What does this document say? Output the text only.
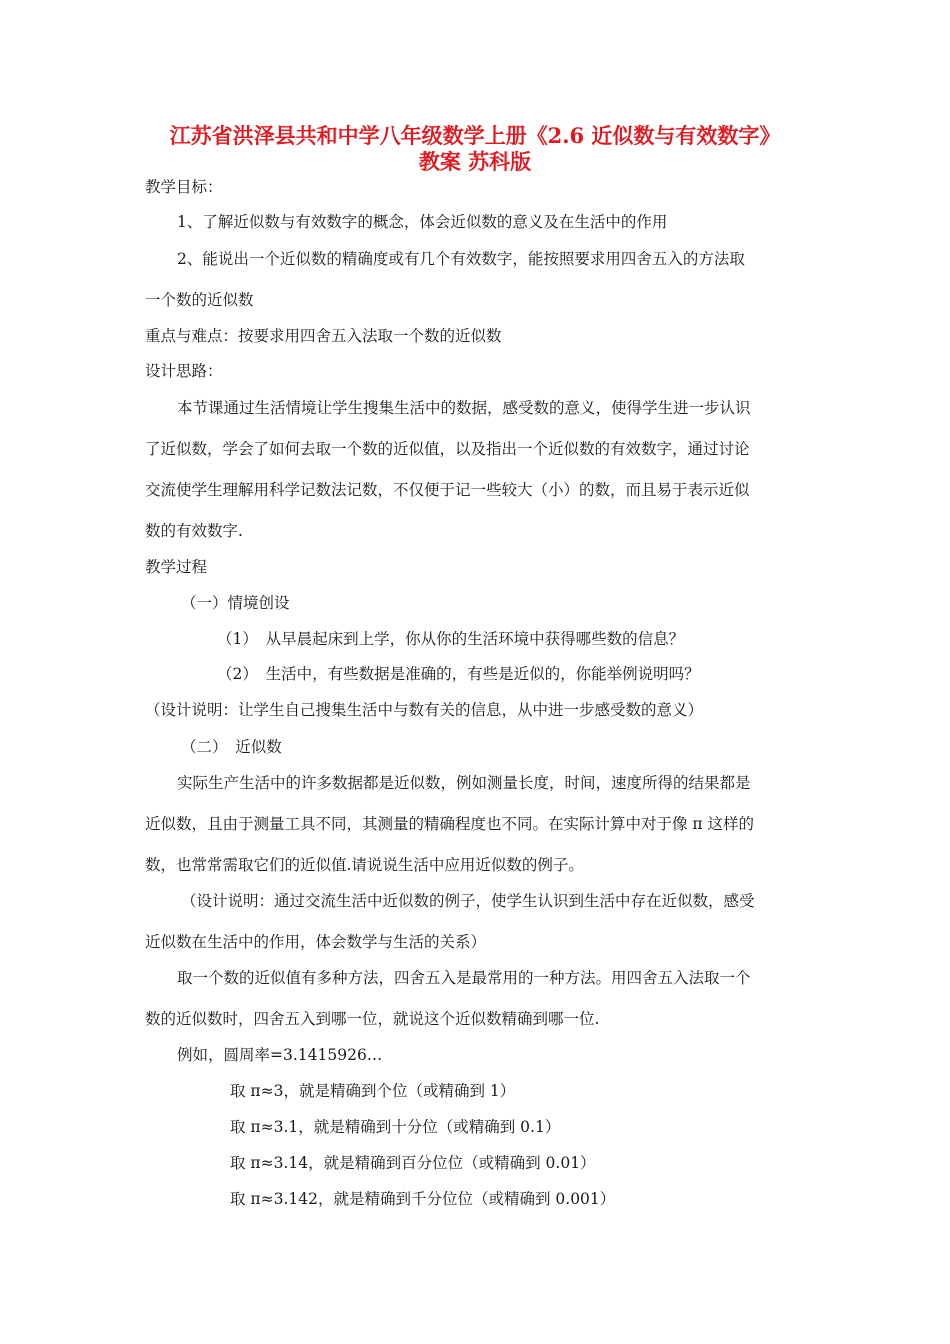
江苏省洪泽县共和中学八年级数学上册《2.6 近似数与有效数字》
教案 苏科版
教学目标：
1、了解近似数与有效数字的概念，体会近似数的意义及在生活中的作用
2、能说出一个近似数的精确度或有几个有效数字，能按照要求用四舍五入的方法取
一个数的近似数
重点与难点：按要求用四舍五入法取一个数的近似数
设计思路：
本节课通过生活情境让学生搜集生活中的数据，感受数的意义，使得学生进一步认识
了近似数，学会了如何去取一个数的近似值，以及指出一个近似数的有效数字，通过讨论
交流使学生理解用科学记数法记数，不仅便于记一些较大（小）的数，而且易于表示近似
数的有效数字.
教学过程
（一）情境创设
（1）　从早晨起床到上学，你从你的生活环境中获得哪些数的信息？
（2）　生活中，有些数据是准确的，有些是近似的，你能举例说明吗？
（设计说明：让学生自己搜集生活中与数有关的信息，从中进一步感受数的意义）
（二）　近似数
实际生产生活中的许多数据都是近似数，例如测量长度，时间，速度所得的结果都是
近似数，且由于测量工具不同，其测量的精确程度也不同。在实际计算中对于像 π 这样的
数，也常常需取它们的近似值.请说说生活中应用近似数的例子。
（设计说明：通过交流生活中近似数的例子，使学生认识到生活中存在近似数，感受
近似数在生活中的作用，体会数学与生活的关系）
取一个数的近似值有多种方法，四舍五入是最常用的一种方法。用四舍五入法取一个
数的近似数时，四舍五入到哪一位，就说这个近似数精确到哪一位.
例如，圆周率=3.1415926…
取 π≈3，就是精确到个位（或精确到 1）
取 π≈3.1，就是精确到十分位（或精确到 0.1）
取 π≈3.14，就是精确到百分位位（或精确到 0.01）
取 π≈3.142，就是精确到千分位位（或精确到 0.001）
